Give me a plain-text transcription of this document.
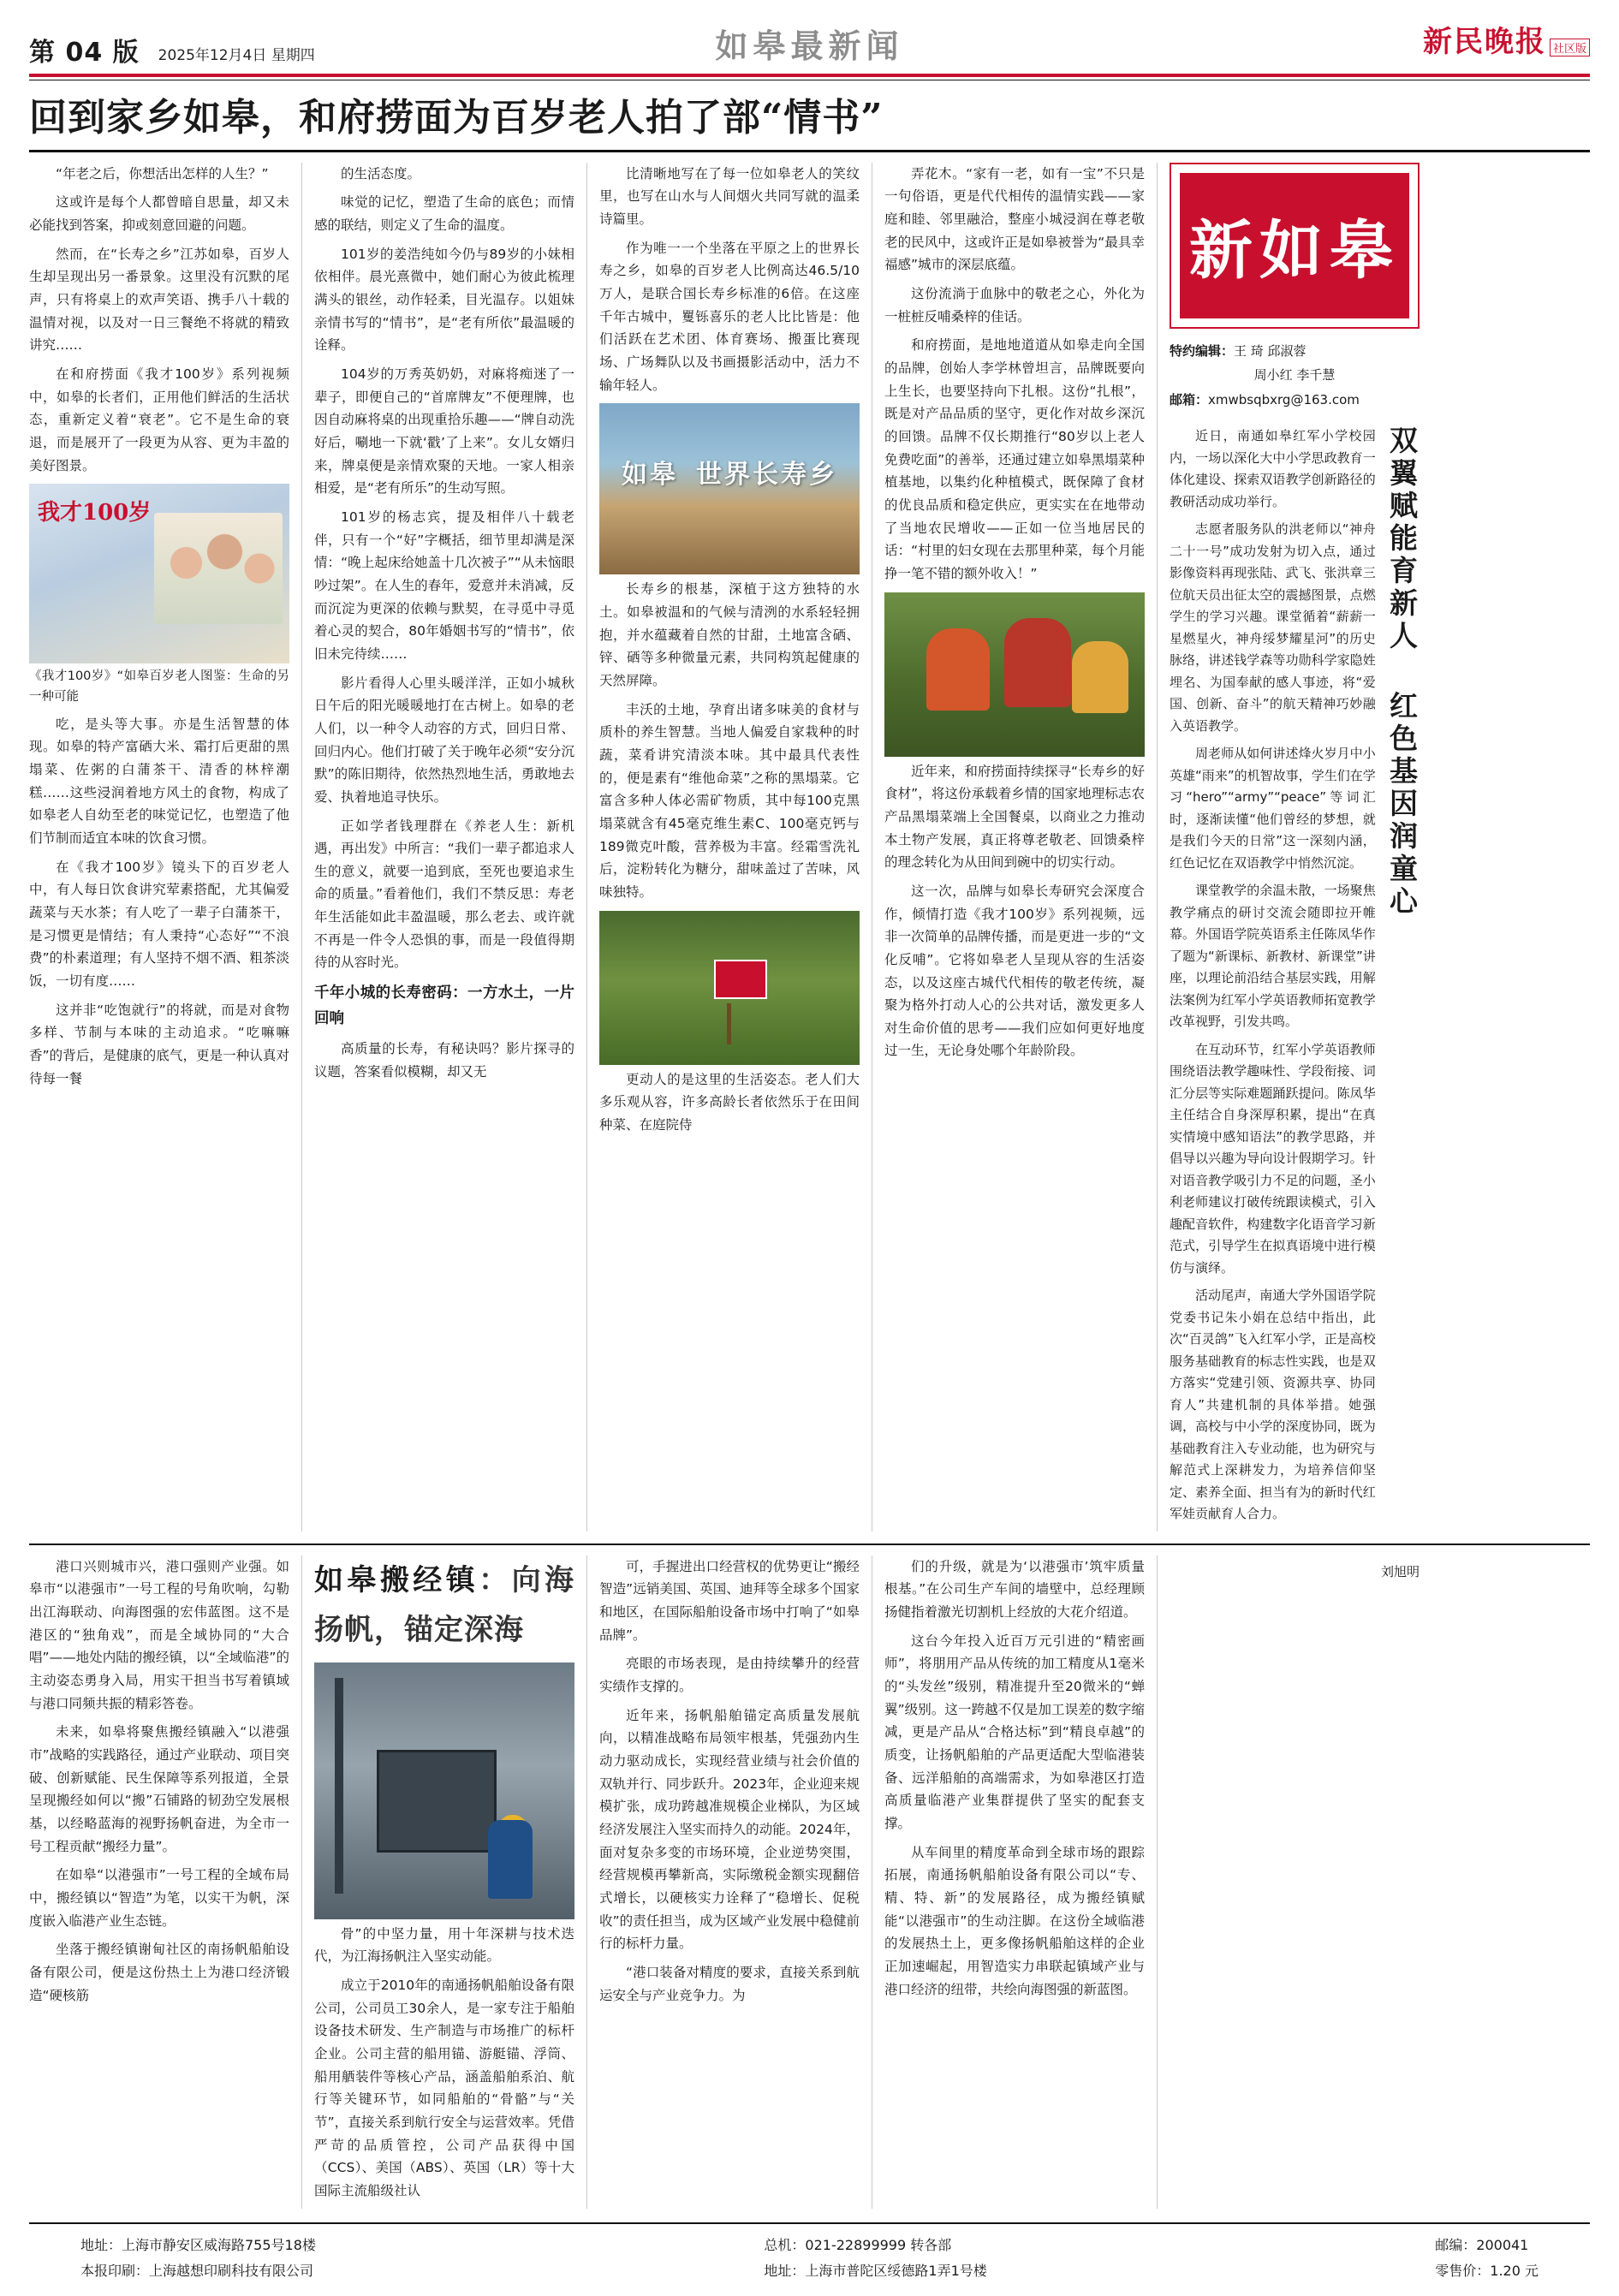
第 04 版 2025年12月4日 星期四	如皋最新闻	新民晚报 社区版
回到家乡如皋，和府捞面为百岁老人拍了部“情书”

“年老之后，你想活出怎样的人生？”

这或许是每个人都曾暗自思量，却又未必能找到答案，抑或刻意回避的问题。

然而，在“长寿之乡”江苏如皋，百岁人生却呈现出另一番景象。这里没有沉默的尾声，只有将桌上的欢声笑语、携手八十载的温情对视，以及对一日三餐绝不将就的精致讲究……

在和府捞面《我才100岁》系列视频中，如皋的长者们，正用他们鲜活的生活状态，重新定义着“衰老”。它不是生命的衰退，而是展开了一段更为从容、更为丰盈的美好图景。

我才100岁

《我才100岁》“如皋百岁老人图鉴：生命的另一种可能

吃，是头等大事。亦是生活智慧的体现。如皋的特产富硒大米、霜打后更甜的黑塌菜、佐粥的白蒲茶干、清香的林梓潮糕……这些浸润着地方风土的食物，构成了如皋老人自幼至老的味觉记忆，也塑造了他们节制而适宜本味的饮食习惯。

在《我才100岁》镜头下的百岁老人中，有人每日饮食讲究荤素搭配，尤其偏爱蔬菜与天水茶；有人吃了一辈子白蒲茶干，是习惯更是情结；有人秉持“心态好”“不浪费”的朴素道理；有人坚持不烟不酒、粗茶淡饭，一切有度……

这并非“吃饱就行”的将就，而是对食物多样、节制与本味的主动追求。“吃嘛嘛香”的背后，是健康的底气，更是一种认真对待每一餐

的生活态度。

味觉的记忆，塑造了生命的底色；而情感的联结，则定义了生命的温度。

101岁的姜浩纯如今仍与89岁的小妹相依相伴。晨光熹微中，她们耐心为彼此梳理满头的银丝，动作轻柔，目光温存。以姐妹亲情书写的“情书”，是“老有所依”最温暖的诠释。

104岁的万秀英奶奶，对麻将痴迷了一辈子，即便自己的“首席牌友”不便理牌，也因自动麻将桌的出现重拾乐趣——“牌自动洗好后，唰地一下就‘戳’了上来”。女儿女婿归来，牌桌便是亲情欢聚的天地。一家人相亲相爱，是“老有所乐”的生动写照。

101岁的杨志宾，提及相伴八十载老伴，只有一个“好”字概括，细节里却满是深情：“晚上起床给她盖十几次被子”“从未恼眼吵过架”。在人生的春年，爱意并未消减，反而沉淀为更深的依赖与默契，在寻觅中寻觅着心灵的契合，80年婚姻书写的“情书”，依旧未完待续……

影片看得人心里头暖洋洋，正如小城秋日午后的阳光暖暖地打在古树上。如皋的老人们，以一种令人动容的方式，回归日常、回归内心。他们打破了关于晚年必须“安分沉默”的陈旧期待，依然热烈地生活，勇敢地去爱、执着地追寻快乐。

正如学者钱理群在《养老人生：新机遇，再出发》中所言：“我们一辈子都追求人生的意义，就要一追到底，至死也要追求生命的质量。”看着他们，我们不禁反思：寿老年生活能如此丰盈温暖，那么老去、或许就不再是一件令人恐惧的事，而是一段值得期待的从容时光。

千年小城的长寿密码：一方水土，一片回响

高质量的长寿，有秘诀吗？影片探寻的议题，答案看似模糊，却又无

比清晰地写在了每一位如皋老人的笑纹里，也写在山水与人间烟火共同写就的温柔诗篇里。

作为唯一一个坐落在平原之上的世界长寿之乡，如皋的百岁老人比例高达46.5/10万人，是联合国长寿乡标准的6倍。在这座千年古城中，矍铄喜乐的老人比比皆是：他们活跃在艺术团、体育赛场、搬蛋比赛现场、广场舞队以及书画摄影活动中，活力不输年轻人。

如皋 世界长寿乡

长寿乡的根基，深植于这方独特的水土。如皋被温和的气候与清洌的水系轻轻拥抱，并水蕴藏着自然的甘甜，土地富含硒、锌、硒等多种微量元素，共同构筑起健康的天然屏障。

丰沃的土地，孕育出诸多味美的食材与质朴的养生智慧。当地人偏爱自家栽种的时蔬，菜肴讲究清淡本味。其中最具代表性的，便是素有“维他命菜”之称的黑塌菜。它富含多种人体必需矿物质，其中每100克黑塌菜就含有45毫克维生素C、100毫克钙与189微克叶酸，营养极为丰富。经霜雪洗礼后，淀粉转化为糖分，甜味盖过了苦味，风味独特。

更动人的是这里的生活姿态。老人们大多乐观从容，许多高龄长者依然乐于在田间种菜、在庭院侍

弄花木。“家有一老，如有一宝”不只是一句俗语，更是代代相传的温情实践——家庭和睦、邻里融洽，整座小城浸润在尊老敬老的民风中，这或许正是如皋被誉为“最具幸福感”城市的深层底蕴。

这份流淌于血脉中的敬老之心，外化为一桩桩反哺桑梓的佳话。

和府捞面，是地地道道从如皋走向全国的品牌，创始人李学林曾坦言，品牌既要向上生长，也要坚持向下扎根。这份“扎根”，既是对产品品质的坚守，更化作对故乡深沉的回馈。品牌不仅长期推行“80岁以上老人免费吃面”的善举，还通过建立如皋黑塌菜种植基地，以集约化种植模式，既保障了食材的优良品质和稳定供应，更实实在在地带动了当地农民增收——正如一位当地居民的话：“村里的妇女现在去那里种菜，每个月能挣一笔不错的额外收入！”

近年来，和府捞面持续探寻“长寿乡的好食材”，将这份承载着乡情的国家地理标志农产品黑塌菜端上全国餐桌，以商业之力推动本土物产发展，真正将尊老敬老、回馈桑梓的理念转化为从田间到碗中的切实行动。

这一次，品牌与如皋长寿研究会深度合作，倾情打造《我才100岁》系列视频，远非一次简单的品牌传播，而是更进一步的“文化反哺”。它将如皋老人呈现从容的生活姿态，以及这座古城代代相传的敬老传统，凝聚为格外打动人心的公共对话，激发更多人对生命价值的思考——我们应如何更好地度过一生，无论身处哪个年龄阶段。

新如皋
特约编辑：王 琦 邱淑蓉
周小红 李千慧
邮箱：xmwbsqbxrg@163.com

近日，南通如皋红军小学校园内，一场以深化大中小学思政教育一体化建设、探索双语教学创新路径的教研活动成功举行。

志愿者服务队的洪老师以“神舟二十一号”成功发射为切入点，通过影像资料再现张陆、武飞、张洪章三位航天员出征太空的震撼图景，点燃学生的学习兴趣。课堂循着“薪薪一星燃星火，神舟绥梦耀星河”的历史脉络，讲述钱学森等功勋科学家隐姓埋名、为国奉献的感人事迹，将“爱国、创新、奋斗”的航天精神巧妙融入英语教学。

周老师从如何讲述烽火岁月中小英雄“雨来”的机智故事，学生们在学习“hero”“army”“peace”等词汇时，逐渐读懂“他们曾经的梦想，就是我们今天的日常”这一深刻内涵，红色记忆在双语教学中悄然沉淀。

课堂教学的余温未散，一场聚焦教学痛点的研讨交流会随即拉开帷幕。外国语学院英语系主任陈凤华作了题为“新课标、新教材、新课堂”讲座，以理论前沿结合基层实践，用解法案例为红军小学英语教师拓宽教学改革视野，引发共鸣。

在互动环节，红军小学英语教师围绕语法教学趣味性、学段衔接、词汇分层等实际难题踊跃提问。陈凤华主任结合自身深厚积累，提出“在真实情境中感知语法”的教学思路，并倡导以兴趣为导向设计假期学习。针对语音教学吸引力不足的问题，圣小利老师建议打破传统跟读模式，引入趣配音软件，构建数字化语音学习新范式，引导学生在拟真语境中进行模仿与演绎。

活动尾声，南通大学外国语学院党委书记朱小娟在总结中指出，此次“百灵鸽”飞入红军小学，正是高校服务基础教育的标志性实践，也是双方落实“党建引领、资源共享、协同育人”共建机制的具体举措。她强调，高校与中小学的深度协同，既为基础教育注入专业动能，也为研究与解范式上深耕发力，为培养信仰坚定、素养全面、担当有为的新时代红军娃贡献育人合力。

双翼赋能育新人 红色基因润童心

港口兴则城市兴，港口强则产业强。如皋市“以港强市”一号工程的号角吹响，勾勒出江海联动、向海图强的宏伟蓝图。这不是港区的“独角戏”，而是全域协同的“大合唱”——地处内陆的搬经镇，以“全域临港”的主动姿态勇身入局，用实干担当书写着镇域与港口同频共振的精彩答卷。

未来，如皋将聚焦搬经镇融入“以港强市”战略的实践路径，通过产业联动、项目突破、创新赋能、民生保障等系列报道，全景呈现搬经如何以“搬”石铺路的韧劲空发展根基，以经略蓝海的视野扬帆奋进，为全市一号工程贡献“搬经力量”。

在如皋“以港强市”一号工程的全域布局中，搬经镇以“智造”为笔，以实干为帆，深度嵌入临港产业生态链。

坐落于搬经镇谢甸社区的南扬帆船舶设备有限公司，便是这份热土上为港口经济锻造“硬核筋

如皋搬经镇：向海扬帆，锚定深海

骨”的中坚力量，用十年深耕与技术迭代，为江海扬帆注入坚实动能。

成立于2010年的南通扬帆船舶设备有限公司，公司员工30余人，是一家专注于船舶设备技术研发、生产制造与市场推广的标杆企业。公司主营的船用锚、游艇锚、浮筒、船用舾装件等核心产品，涵盖船舶系泊、航行等关键环节，如同船舶的“骨骼”与“关节”，直接关系到航行安全与运营效率。凭借严苛的品质管控，公司产品获得中国（CCS）、美国（ABS）、英国（LR）等十大国际主流船级社认

可，手握进出口经营权的优势更让“搬经智造”远销美国、英国、迪拜等全球多个国家和地区，在国际船舶设备市场中打响了“如皋品牌”。

亮眼的市场表现，是由持续攀升的经营实绩作支撑的。

近年来，扬帆船舶锚定高质量发展航向，以精准战略布局领牢根基，凭强劲内生动力驱动成长，实现经营业绩与社会价值的双轨并行、同步跃升。2023年，企业迎来规模扩张，成功跨越准规模企业梯队，为区域经济发展注入坚实而持久的动能。2024年，面对复杂多变的市场环境，企业逆势突围，经营规模再攀新高，实际缴税金额实现翻倍式增长，以硬核实力诠释了“稳增长、促税收”的责任担当，成为区域产业发展中稳健前行的标杆力量。

“港口装备对精度的要求，直接关系到航运安全与产业竞争力。为

们的升级，就是为‘以港强市’筑牢质量根基。”在公司生产车间的墙壁中，总经理顾扬健指着激光切割机上经放的大花介绍道。

这台今年投入近百万元引进的“精密画师”，将朋用产品从传统的加工精度从1毫米的“头发丝”级别，精准提升至20微米的“蝉翼”级别。这一跨越不仅是加工误差的数字缩减，更是产品从“合格达标”到“精良卓越”的质变，让扬帆船舶的产品更适配大型临港装备、远洋船舶的高端需求，为如皋港区打造高质量临港产业集群提供了坚实的配套支撑。

从车间里的精度革命到全球市场的跟踪拓展，南通扬帆船舶设备有限公司以“专、精、特、新”的发展路径，成为搬经镇赋能“以港强市”的生动注脚。在这份全域临港的发展热土上，更多像扬帆船舶这样的企业正加速崛起，用智造实力串联起镇域产业与港口经济的纽带，共绘向海图强的新蓝图。

刘旭明

地址：上海市静安区威海路755号18楼
本报印刷：上海越想印刷科技有限公司
总机：021-22899999 转各部
地址：上海市普陀区绥德路1弄1号楼
邮编：200041
零售价：1.20 元
